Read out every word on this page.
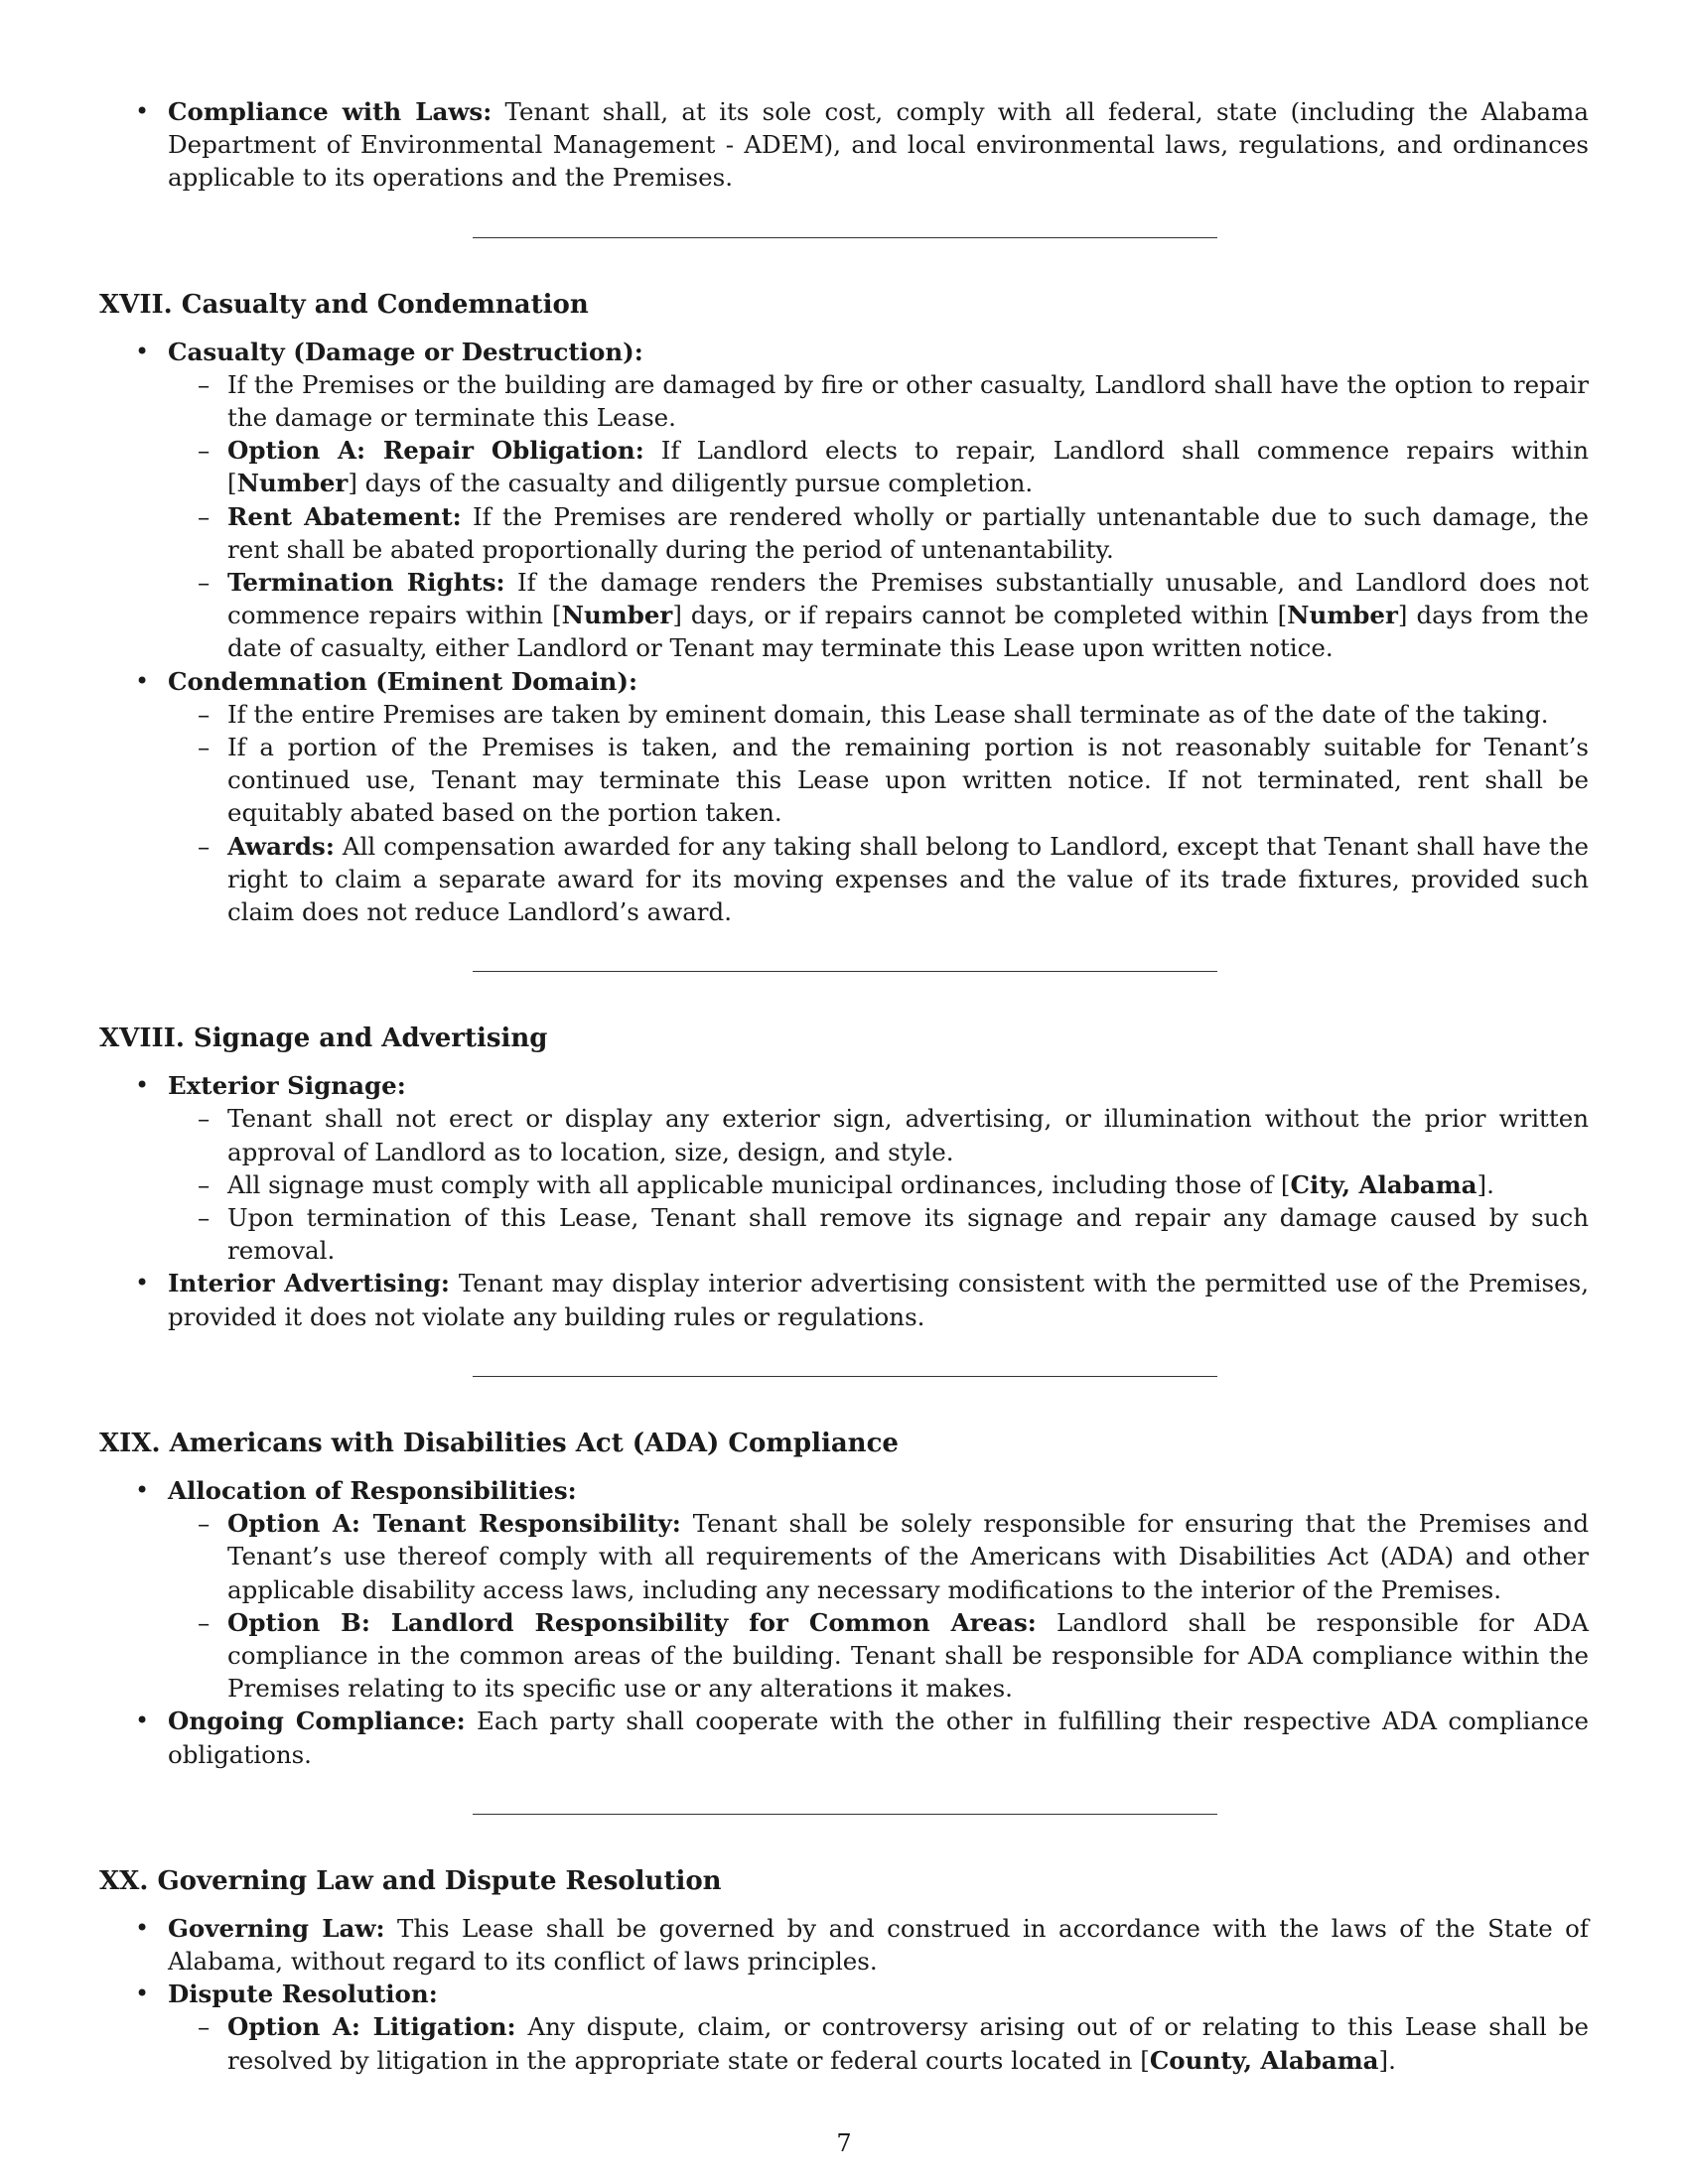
• Compliance with Laws: Tenant shall, at its sole cost, comply with all federal, state (including the Alabama Department of Environmental Management - ADEM), and local environmental laws, regulations, and ordinances applicable to its operations and the Premises.
XVII. Casualty and Condemnation
• Casualty (Damage or Destruction):
– If the Premises or the building are damaged by fire or other casualty, Landlord shall have the option to repair the damage or terminate this Lease.
– Option A: Repair Obligation: If Landlord elects to repair, Landlord shall commence repairs within [Number] days of the casualty and diligently pursue completion.
– Rent Abatement: If the Premises are rendered wholly or partially untenantable due to such damage, the rent shall be abated proportionally during the period of untenantability.
– Termination Rights: If the damage renders the Premises substantially unusable, and Landlord does not commence repairs within [Number] days, or if repairs cannot be completed within [Number] days from the date of casualty, either Landlord or Tenant may terminate this Lease upon written notice.
• Condemnation (Eminent Domain):
– If the entire Premises are taken by eminent domain, this Lease shall terminate as of the date of the taking.
– If a portion of the Premises is taken, and the remaining portion is not reasonably suitable for Tenant’s continued use, Tenant may terminate this Lease upon written notice. If not terminated, rent shall be equitably abated based on the portion taken.
– Awards: All compensation awarded for any taking shall belong to Landlord, except that Tenant shall have the right to claim a separate award for its moving expenses and the value of its trade fixtures, provided such claim does not reduce Landlord’s award.
XVIII. Signage and Advertising
• Exterior Signage:
– Tenant shall not erect or display any exterior sign, advertising, or illumination without the prior written approval of Landlord as to location, size, design, and style.
– All signage must comply with all applicable municipal ordinances, including those of [City, Alabama].
– Upon termination of this Lease, Tenant shall remove its signage and repair any damage caused by such removal.
• Interior Advertising: Tenant may display interior advertising consistent with the permitted use of the Premises, provided it does not violate any building rules or regulations.
XIX. Americans with Disabilities Act (ADA) Compliance
• Allocation of Responsibilities:
– Option A: Tenant Responsibility: Tenant shall be solely responsible for ensuring that the Premises and Tenant’s use thereof comply with all requirements of the Americans with Disabilities Act (ADA) and other applicable disability access laws, including any necessary modifications to the interior of the Premises.
– Option B: Landlord Responsibility for Common Areas: Landlord shall be responsible for ADA compliance in the common areas of the building. Tenant shall be responsible for ADA compliance within the Premises relating to its specific use or any alterations it makes.
• Ongoing Compliance: Each party shall cooperate with the other in fulfilling their respective ADA compliance obligations.
XX. Governing Law and Dispute Resolution
• Governing Law: This Lease shall be governed by and construed in accordance with the laws of the State of Alabama, without regard to its conflict of laws principles.
• Dispute Resolution:
– Option A: Litigation: Any dispute, claim, or controversy arising out of or relating to this Lease shall be resolved by litigation in the appropriate state or federal courts located in [County, Alabama].
7
